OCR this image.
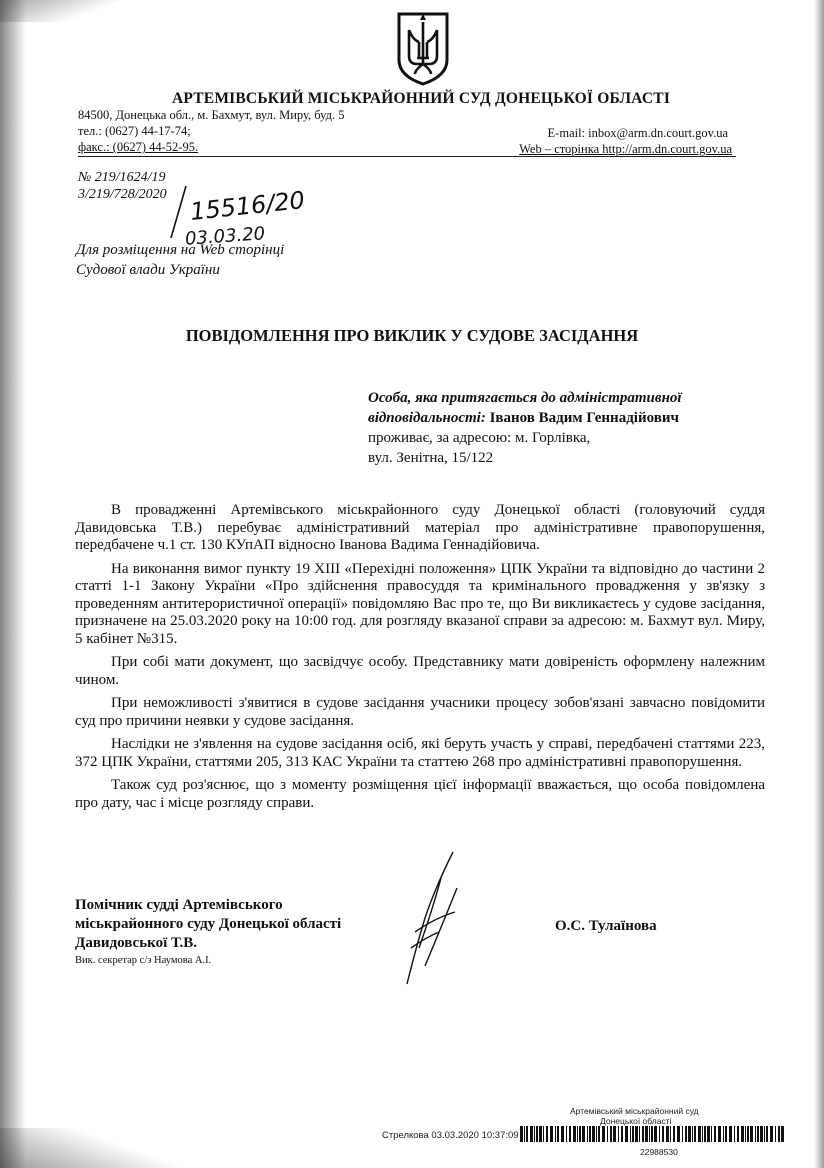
АРТЕМІВСЬКИЙ МІСЬКРАЙОННИЙ СУД ДОНЕЦЬКОЇ ОБЛАСТІ
84500, Донецька обл., м. Бахмут, вул. Миру, буд. 5
тел.: (0627) 44-17-74;
факс.: (0627) 44-52-95.
E-mail: inbox@arm.dn.court.gov.ua
Web – сторінка http://arm.dn.court.gov.ua
№ 219/1624/19
3/219/728/2020 15516/20
03.03.20
Для розміщення на Web сторінці
Судової влади України
ПОВІДОМЛЕННЯ ПРО ВИКЛИК У СУДОВЕ ЗАСІДАННЯ
Особа, яка притягається до адміністративної
відповідальності: Іванов Вадим Геннадійович
проживає, за адресою: м. Горлівка,
вул. Зенітна, 15/122

В провадженні Артемівського міськрайонного суду Донецької області (головуючий суддя Давидовська Т.В.) перебуває адміністративний матеріал про адміністративне правопорушення, передбачене ч.1 ст. 130 КУпАП відносно Іванова Вадима Геннадійовича.

На виконання вимог пункту 19 XIII «Перехідні положення» ЦПК України та відповідно до частини 2 статті 1-1 Закону України «Про здійснення правосуддя та кримінального провадження у зв'язку з проведенням антитерористичної операції» повідомляю Вас про те, що Ви викликаєтесь у судове засідання, призначене на 25.03.2020 року на 10:00 год. для розгляду вказаної справи за адресою: м. Бахмут вул. Миру, 5 кабінет №315.

При собі мати документ, що засвідчує особу. Представнику мати довіреність оформлену належним чином.

При неможливості з'явитися в судове засідання учасники процесу зобов'язані завчасно повідомити суд про причини неявки у судове засідання.

Наслідки не з'явлення на судове засідання осіб, які беруть участь у справі, передбачені статтями 223, 372 ЦПК України, статтями 205, 313 КАС України та статтею 268 про адміністративні правопорушення.

Також суд роз'яснює, що з моменту розміщення цієї інформації вважається, що особа повідомлена про дату, час і місце розгляду справи.

Помічник судді Артемівського
міськрайонного суду Донецької області
Давидовської Т.В.
О.С. Тулаїнова
Вик. секретар с/з Наумова А.І.
Артемівський міськрайонний суд
Донецької області
Стрелкова 03.03.2020 10:37:09
22988530
